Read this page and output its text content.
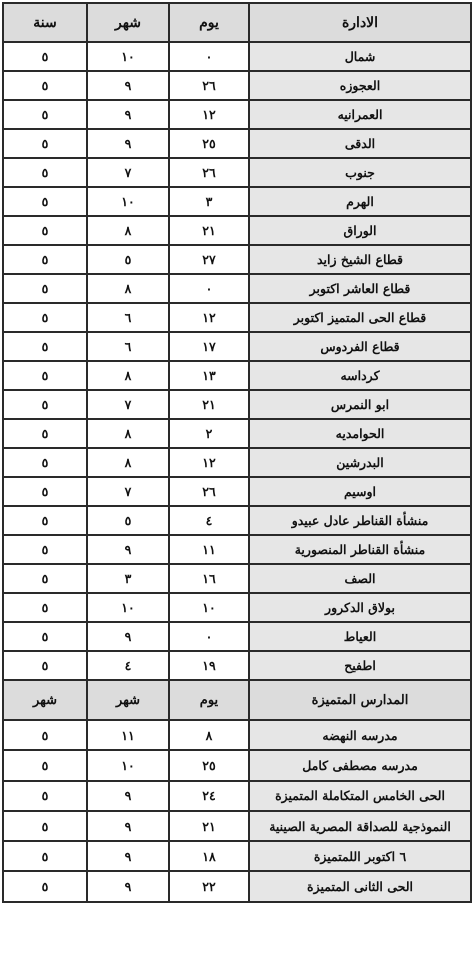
الادارة	يوم	شهر	سنة
شمال	٠	١٠	٥
العجوزه	٢٦	٩	٥
العمرانيه	١٢	٩	٥
الدقى	٢٥	٩	٥
جنوب	٢٦	٧	٥
الهرم	٣	١٠	٥
الوراق	٢١	٨	٥
قطاع الشيخ زايد	٢٧	٥	٥
قطاع العاشر اكتوبر	٠	٨	٥
قطاع الحى المتميز اكتوبر	١٢	٦	٥
قطاع الفردوس	١٧	٦	٥
كرداسه	١٣	٨	٥
ابو النمرس	٢١	٧	٥
الحوامديه	٢	٨	٥
البدرشين	١٢	٨	٥
اوسيم	٢٦	٧	٥
منشأة القناطر عادل عبيدو	٤	٥	٥
منشأة القناطر المنصورية	١١	٩	٥
الصف	١٦	٣	٥
بولاق الدكرور	١٠	١٠	٥
العياط	٠	٩	٥
اطفيح	١٩	٤	٥
المدارس المتميزة	يوم	شهر	شهر
مدرسه النهضه	٨	١١	٥
مدرسه مصطفى كامل	٢٥	١٠	٥
الحى الخامس المتكاملة المتميزة	٢٤	٩	٥
النموذجية للصداقة المصرية الصينية	٢١	٩	٥
٦ اكتوبر اللمتميزة	١٨	٩	٥
الحى الثانى المتميزة	٢٢	٩	٥
